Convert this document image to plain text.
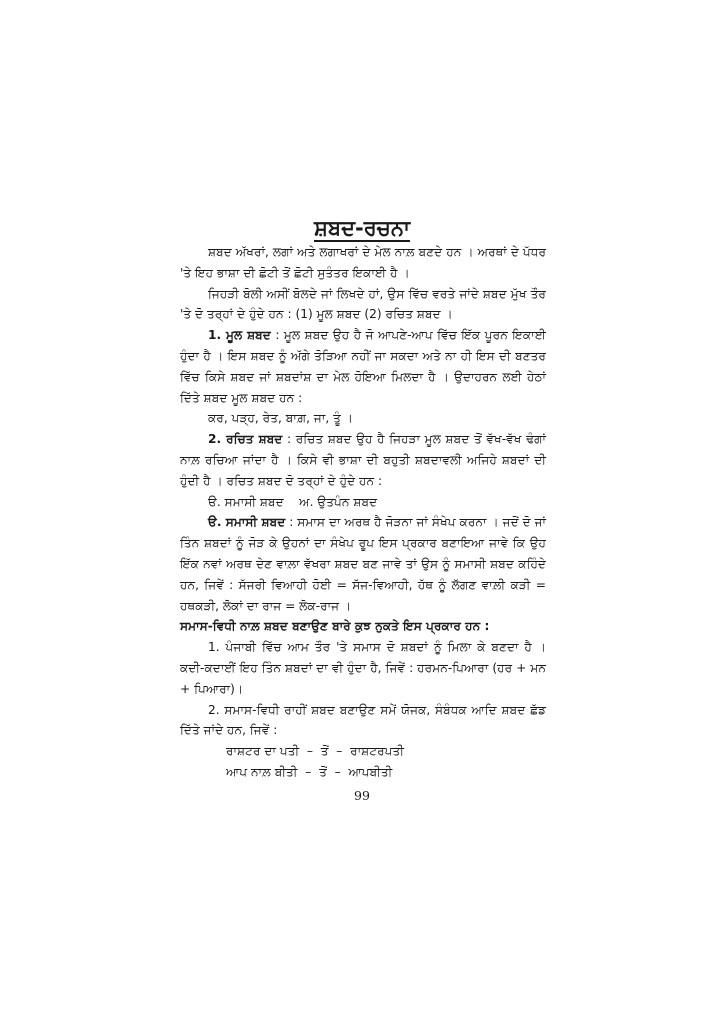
ਸ਼ਬਦ-ਰਚਨਾ

ਸ਼ਬਦ ਅੱਖਰਾਂ, ਲਗਾਂ ਅਤੇ ਲਗਾਖਰਾਂ ਦੇ ਮੇਲ ਨਾਲ਼ ਬਣਦੇ ਹਨ । ਅਰਥਾਂ ਦੇ ਪੱਧਰ 'ਤੇ ਇਹ ਭਾਸ਼ਾ ਦੀ ਛੋਟੀ ਤੋਂ ਛੋਟੀ ਸੁਤੰਤਰ ਇਕਾਈ ਹੈ ।

ਜਿਹੜੀ ਬੋਲੀ ਅਸੀਂ ਬੋਲਦੇ ਜਾਂ ਲਿਖਦੇ ਹਾਂ, ਉਸ ਵਿੱਚ ਵਰਤੇ ਜਾਂਦੇ ਸ਼ਬਦ ਮੁੱਖ ਤੌਰ 'ਤੇ ਦੋ ਤਰ੍ਹਾਂ ਦੇ ਹੁੰਦੇ ਹਨ : (1) ਮੂਲ ਸ਼ਬਦ (2) ਰਚਿਤ ਸ਼ਬਦ ।

1. ਮੂਲ ਸ਼ਬਦ : ਮੂਲ ਸ਼ਬਦ ਉਹ ਹੈ ਜੋ ਆਪਣੇ-ਆਪ ਵਿੱਚ ਇੱਕ ਪੂਰਨ ਇਕਾਈ ਹੁੰਦਾ ਹੈ । ਇਸ ਸ਼ਬਦ ਨੂੰ ਅੱਗੇ ਤੋੜਿਆ ਨਹੀਂ ਜਾ ਸਕਦਾ ਅਤੇ ਨਾ ਹੀ ਇਸ ਦੀ ਬਣਤਰ ਵਿੱਚ ਕਿਸੇ ਸ਼ਬਦ ਜਾਂ ਸ਼ਬਦਾਂਸ਼ ਦਾ ਮੇਲ ਹੋਇਆ ਮਿਲਦਾ ਹੈ । ਉਦਾਹਰਨ ਲਈ ਹੇਠਾਂ ਦਿੱਤੇ ਸ਼ਬਦ ਮੂਲ ਸ਼ਬਦ ਹਨ :

ਕਰ, ਪੜ੍ਹ, ਰੇਤ, ਬਾਗ਼, ਜਾ, ਤੂੰ ।

2. ਰਚਿਤ ਸ਼ਬਦ : ਰਚਿਤ ਸ਼ਬਦ ਉਹ ਹੈ ਜਿਹੜਾ ਮੂਲ ਸ਼ਬਦ ਤੋਂ ਵੱਖ-ਵੱਖ ਢੰਗਾਂ ਨਾਲ਼ ਰਚਿਆ ਜਾਂਦਾ ਹੈ । ਕਿਸੇ ਵੀ ਭਾਸ਼ਾ ਦੀ ਬਹੁਤੀ ਸ਼ਬਦਾਵਲੀ ਅਜਿਹੇ ਸ਼ਬਦਾਂ ਦੀ ਹੁੰਦੀ ਹੈ । ਰਚਿਤ ਸ਼ਬਦ ਦੋ ਤਰ੍ਹਾਂ ਦੇ ਹੁੰਦੇ ਹਨ :

ੳ. ਸਮਾਸੀ ਸ਼ਬਦ    ਅ. ਉਤਪੰਨ ਸ਼ਬਦ

ੳ. ਸਮਾਸੀ ਸ਼ਬਦ : ਸਮਾਸ ਦਾ ਅਰਥ ਹੈ ਜੋੜਨਾ ਜਾਂ ਸੰਖੇਪ ਕਰਨਾ । ਜਦੋਂ ਦੋ ਜਾਂ ਤਿੰਨ ਸ਼ਬਦਾਂ ਨੂੰ ਜੋੜ ਕੇ ਉਹਨਾਂ ਦਾ ਸੰਖੇਪ ਰੂਪ ਇਸ ਪ੍ਰਕਾਰ ਬਣਾਇਆ ਜਾਵੇ ਕਿ ਉਹ ਇੱਕ ਨਵਾਂ ਅਰਥ ਦੇਣ ਵਾਲ਼ਾ ਵੱਖਰਾ ਸ਼ਬਦ ਬਣ ਜਾਵੇ ਤਾਂ ਉਸ ਨੂੰ ਸਮਾਸੀ ਸ਼ਬਦ ਕਹਿੰਦੇ ਹਨ, ਜਿਵੇਂ : ਸੱਜਰੀ ਵਿਆਹੀ ਹੋਈ = ਸੱਜ-ਵਿਆਹੀ, ਹੱਥ ਨੂੰ ਲੱਗਣ ਵਾਲ਼ੀ ਕੜੀ = ਹਥਕੜੀ, ਲੋਕਾਂ ਦਾ ਰਾਜ = ਲੋਕ-ਰਾਜ ।

ਸਮਾਸ-ਵਿਧੀ ਨਾਲ਼ ਸ਼ਬਦ ਬਣਾਉਣ ਬਾਰੇ ਕੁਝ ਨੁਕਤੇ ਇਸ ਪ੍ਰਕਾਰ ਹਨ :

1. ਪੰਜਾਬੀ ਵਿੱਚ ਆਮ ਤੌਰ 'ਤੇ ਸਮਾਸ ਦੋ ਸ਼ਬਦਾਂ ਨੂੰ ਮਿਲਾ ਕੇ ਬਣਦਾ ਹੈ । ਕਦੀ-ਕਦਾਈਂ ਇਹ ਤਿੰਨ ਸ਼ਬਦਾਂ ਦਾ ਵੀ ਹੁੰਦਾ ਹੈ, ਜਿਵੇਂ : ਹਰਮਨ-ਪਿਆਰਾ (ਹਰ + ਮਨ + ਪਿਆਰਾ)।

2. ਸਮਾਸ-ਵਿਧੀ ਰਾਹੀਂ ਸ਼ਬਦ ਬਣਾਉਣ ਸਮੇਂ ਯੋਜਕ, ਸੰਬੰਧਕ ਆਦਿ ਸ਼ਬਦ ਛੱਡ ਦਿੱਤੇ ਜਾਂਦੇ ਹਨ, ਜਿਵੇਂ :

ਰਾਸ਼ਟਰ ਦਾ ਪਤੀ  –  ਤੋਂ  –  ਰਾਸ਼ਟਰਪਤੀ

ਆਪ ਨਾਲ਼ ਬੀਤੀ  –  ਤੋਂ  –  ਆਪਬੀਤੀ

99
